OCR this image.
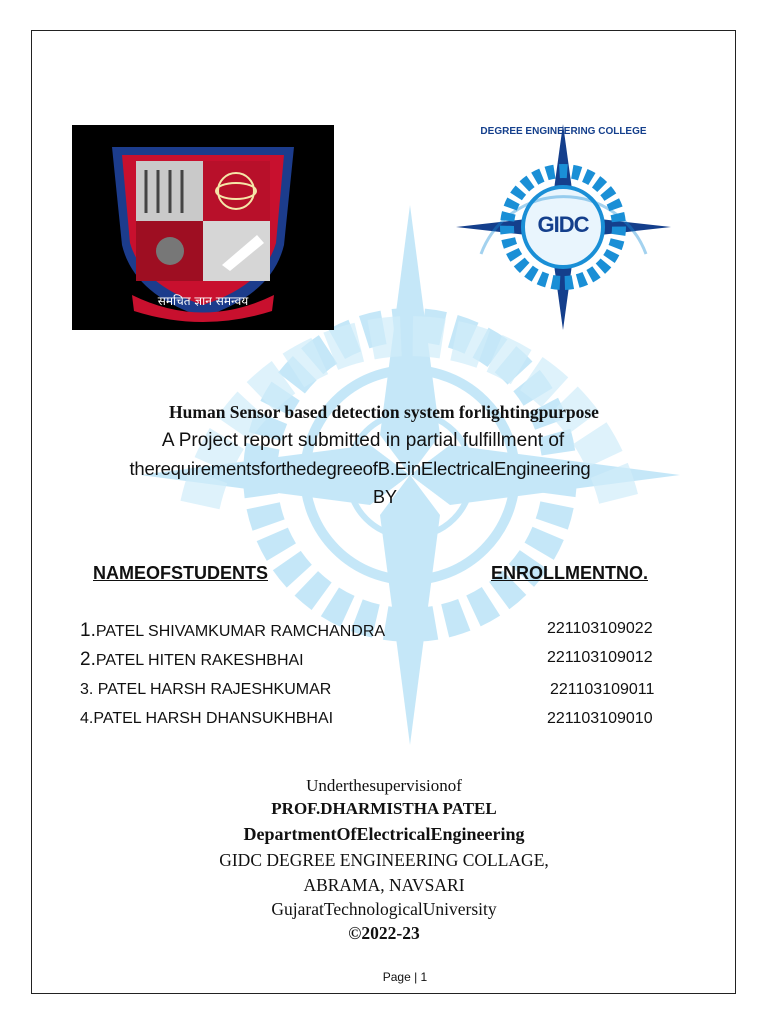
समचित ज्ञान समन्वय
GIDC
DEGREE ENGINEERING COLLEGE
Human Sensor based detection system forlightingpurpose
A Project report submitted in partial fulfillment of
therequirementsforthedegreeofB.EinElectricalEngineering
BY
NAMEOFSTUDENTS	ENROLLMENTNO.
1.PATEL SHIVAMKUMAR RAMCHANDRA	221103109022
2.PATEL HITEN RAKESHBHAI	221103109012
3. PATEL HARSH RAJESHKUMAR	221103109011
4.PATEL HARSH DHANSUKHBHAI	221103109010
Underthesupervisionof
PROF.DHARMISTHA PATEL
DepartmentOfElectricalEngineering
GIDC DEGREE ENGINEERING COLLAGE,
ABRAMA, NAVSARI
GujaratTechnologicalUniversity
©2022-23
Page | 1
